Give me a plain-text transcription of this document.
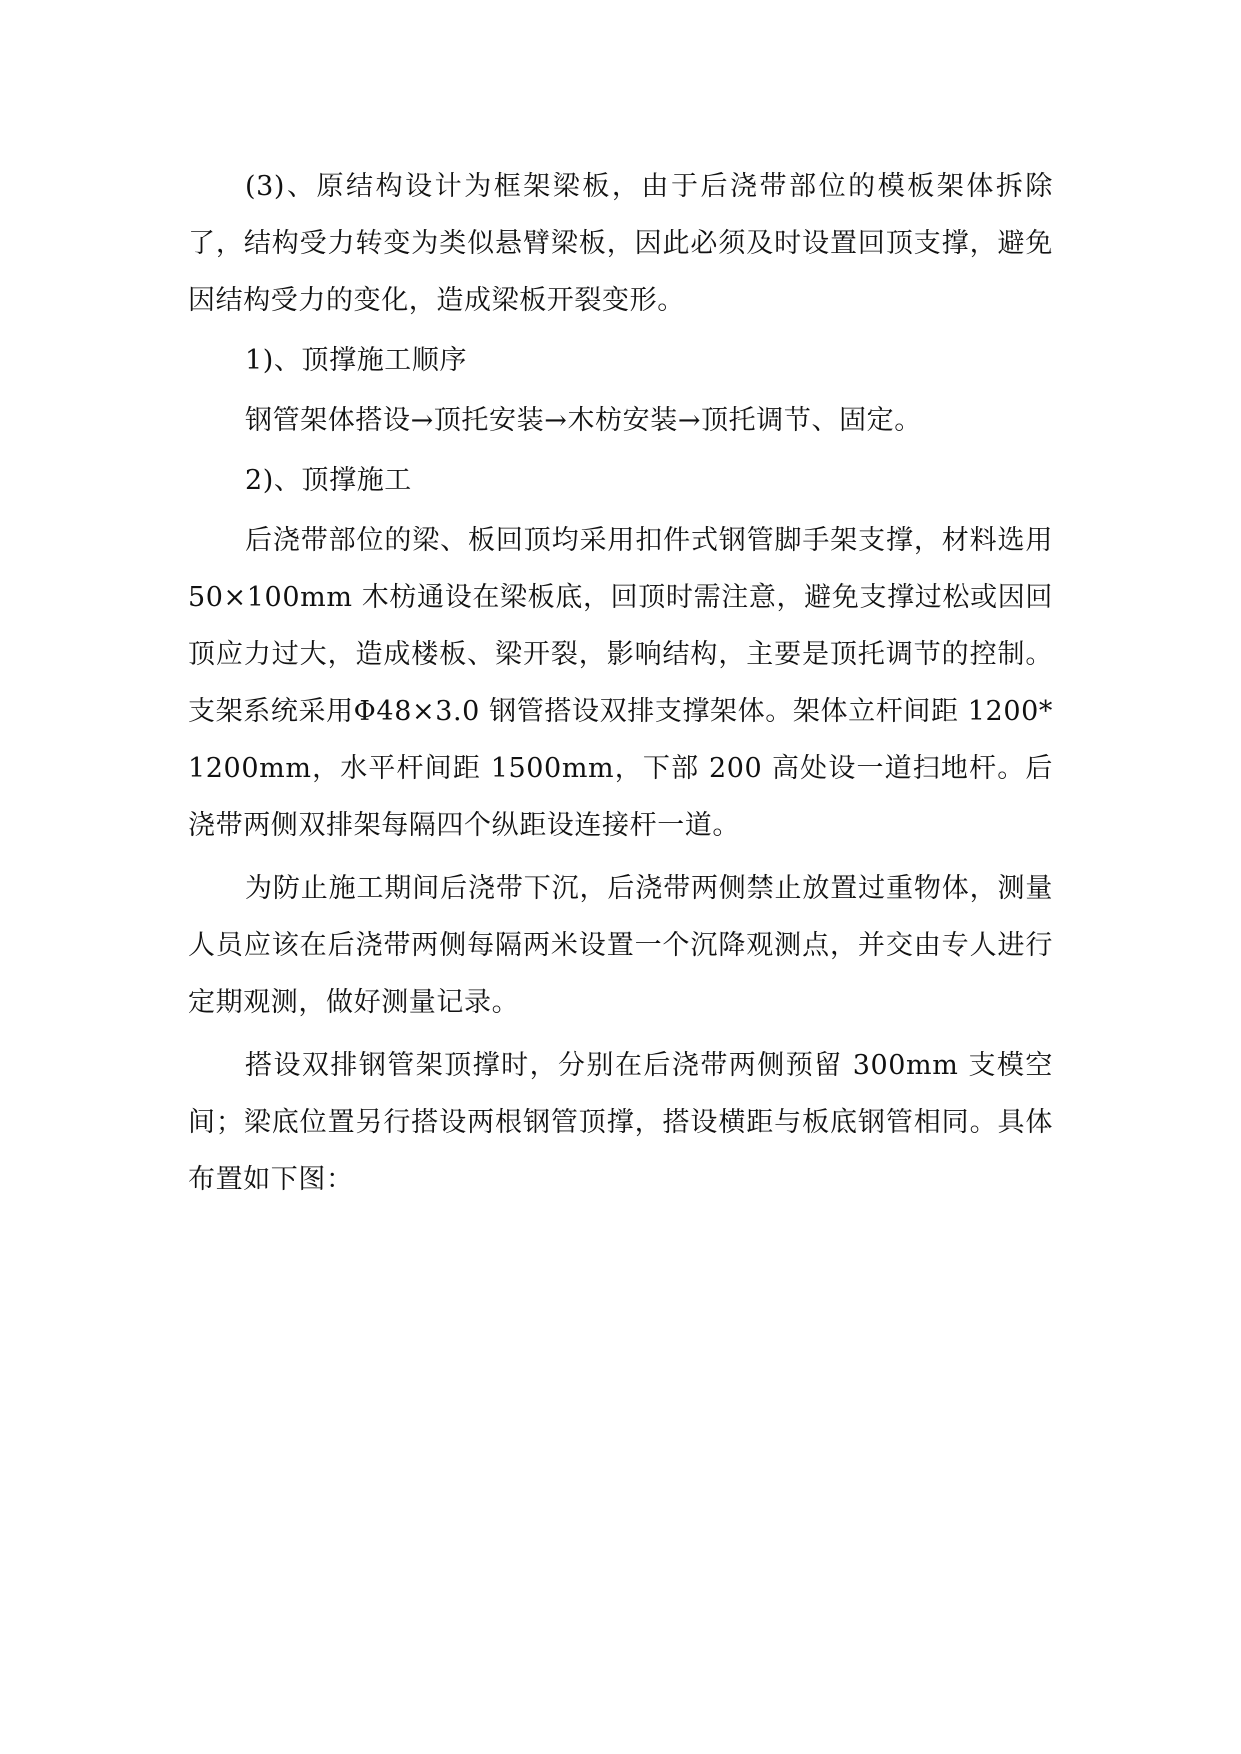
(3)、原结构设计为框架梁板，由于后浇带部位的模板架体拆除了，结构受力转变为类似悬臂梁板，因此必须及时设置回顶支撑，避免因结构受力的变化，造成梁板开裂变形。

1)、顶撑施工顺序

钢管架体搭设→顶托安装→木枋安装→顶托调节、固定。

2)、顶撑施工

后浇带部位的梁、板回顶均采用扣件式钢管脚手架支撑，材料选用 50×100mm 木枋通设在梁板底，回顶时需注意，避免支撑过松或因回顶应力过大，造成楼板、梁开裂，影响结构，主要是顶托调节的控制。支架系统采用Φ48×3.0 钢管搭设双排支撑架体。架体立杆间距 1200*1200mm，水平杆间距 1500mm，下部 200 高处设一道扫地杆。后浇带两侧双排架每隔四个纵距设连接杆一道。

为防止施工期间后浇带下沉，后浇带两侧禁止放置过重物体，测量人员应该在后浇带两侧每隔两米设置一个沉降观测点，并交由专人进行定期观测，做好测量记录。

搭设双排钢管架顶撑时，分别在后浇带两侧预留 300mm 支模空间；梁底位置另行搭设两根钢管顶撑，搭设横距与板底钢管相同。具体布置如下图：
